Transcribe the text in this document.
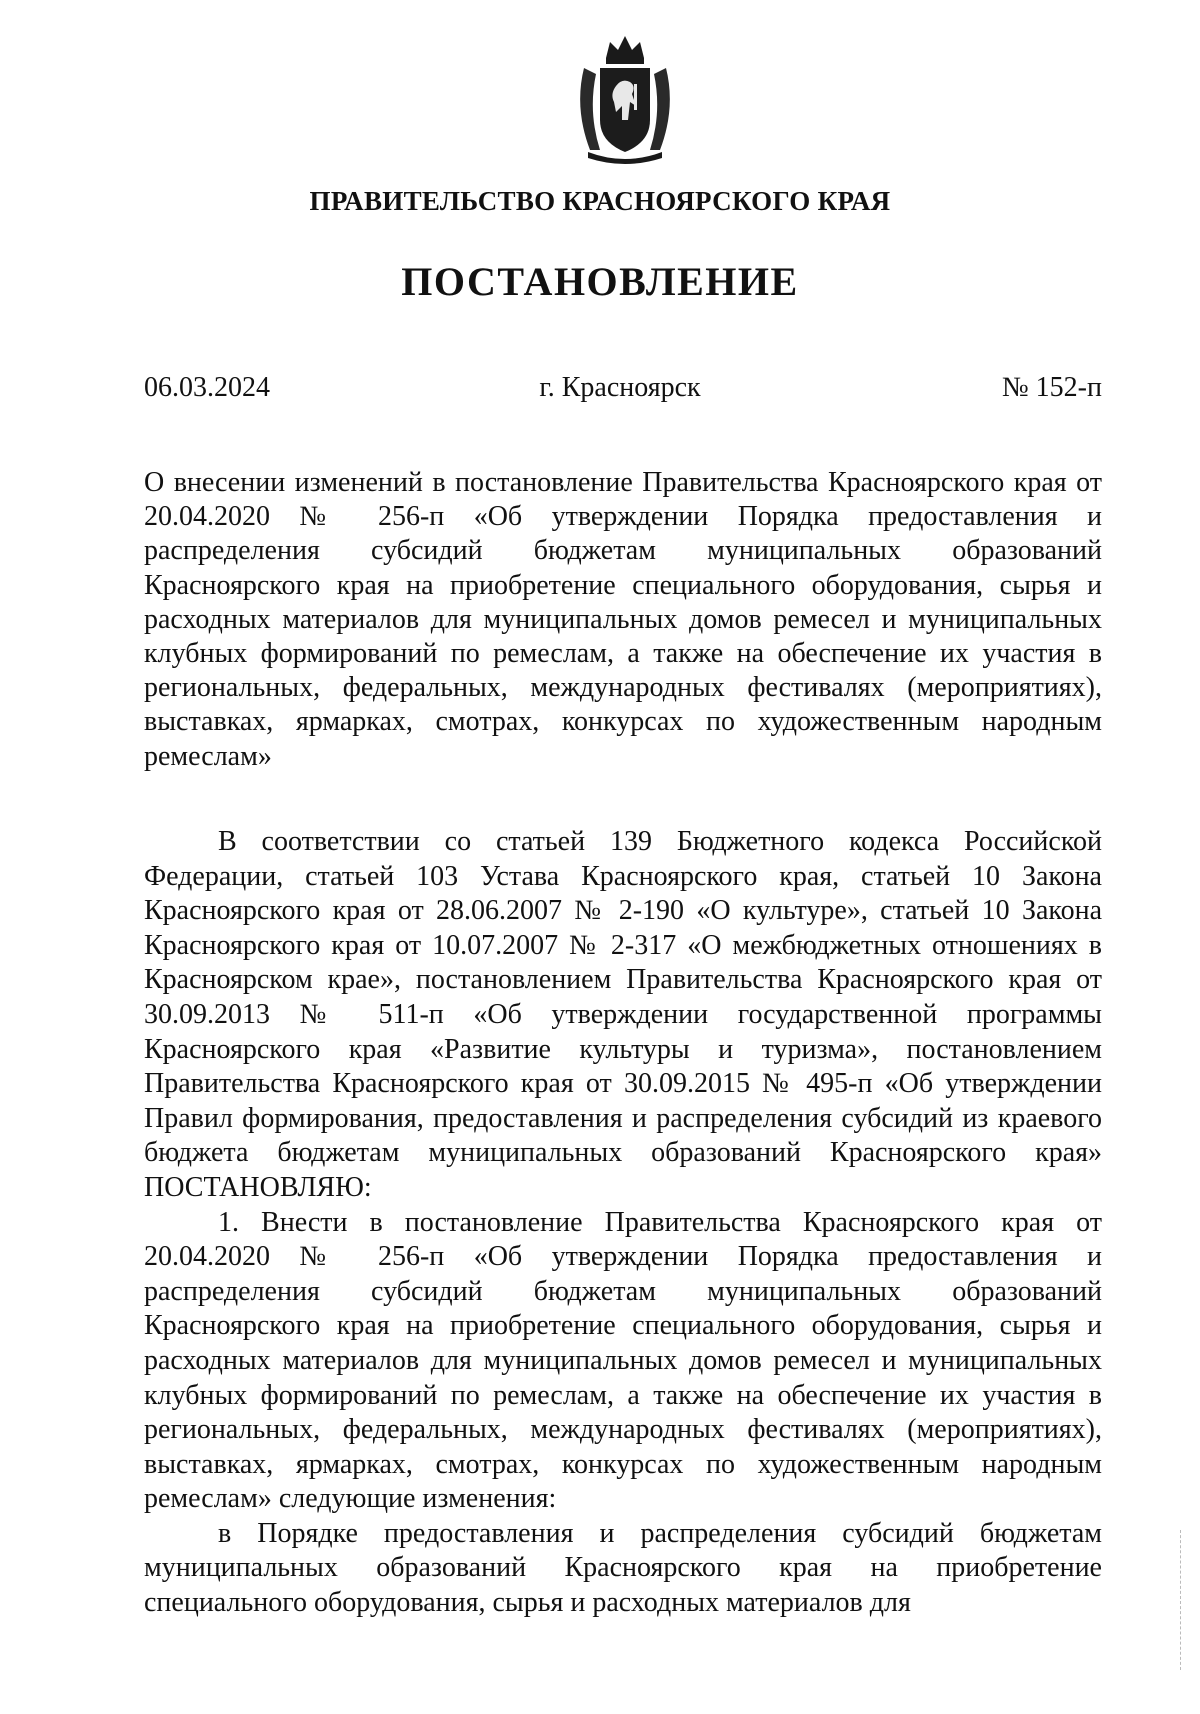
ПРАВИТЕЛЬСТВО КРАСНОЯРСКОГО КРАЯ
ПОСТАНОВЛЕНИЕ
06.03.2024	г. Красноярск	№ 152-п
О внесении изменений в постановление Правительства Красноярского края от 20.04.2020 № 256-п «Об утверждении Порядка предоставления и распределения субсидий бюджетам муниципальных образований Красноярского края на приобретение специального оборудования, сырья и расходных материалов для муниципальных домов ремесел и муниципальных клубных формирований по ремеслам, а также на обеспечение их участия в региональных, федеральных, международных фестивалях (мероприятиях), выставках, ярмарках, смотрах, конкурсах по художественным народным ремеслам»

В соответствии со статьей 139 Бюджетного кодекса Российской Федерации, статьей 103 Устава Красноярского края, статьей 10 Закона Красноярского края от 28.06.2007 № 2-190 «О культуре», статьей 10 Закона Красноярского края от 10.07.2007 № 2-317 «О межбюджетных отношениях в Красноярском крае», постановлением Правительства Красноярского края от 30.09.2013 № 511-п «Об утверждении государственной программы Красноярского края «Развитие культуры и туризма», постановлением Правительства Красноярского края от 30.09.2015 № 495-п «Об утверждении Правил формирования, предоставления и распределения субсидий из краевого бюджета бюджетам муниципальных образований Красноярского края» ПОСТАНОВЛЯЮ:

1. Внести в постановление Правительства Красноярского края от 20.04.2020 № 256-п «Об утверждении Порядка предоставления и распределения субсидий бюджетам муниципальных образований Красноярского края на приобретение специального оборудования, сырья и расходных материалов для муниципальных домов ремесел и муниципальных клубных формирований по ремеслам, а также на обеспечение их участия в региональных, федеральных, международных фестивалях (мероприятиях), выставках, ярмарках, смотрах, конкурсах по художественным народным ремеслам» следующие изменения:

в Порядке предоставления и распределения субсидий бюджетам муниципальных образований Красноярского края на приобретение специального оборудования, сырья и расходных материалов для
